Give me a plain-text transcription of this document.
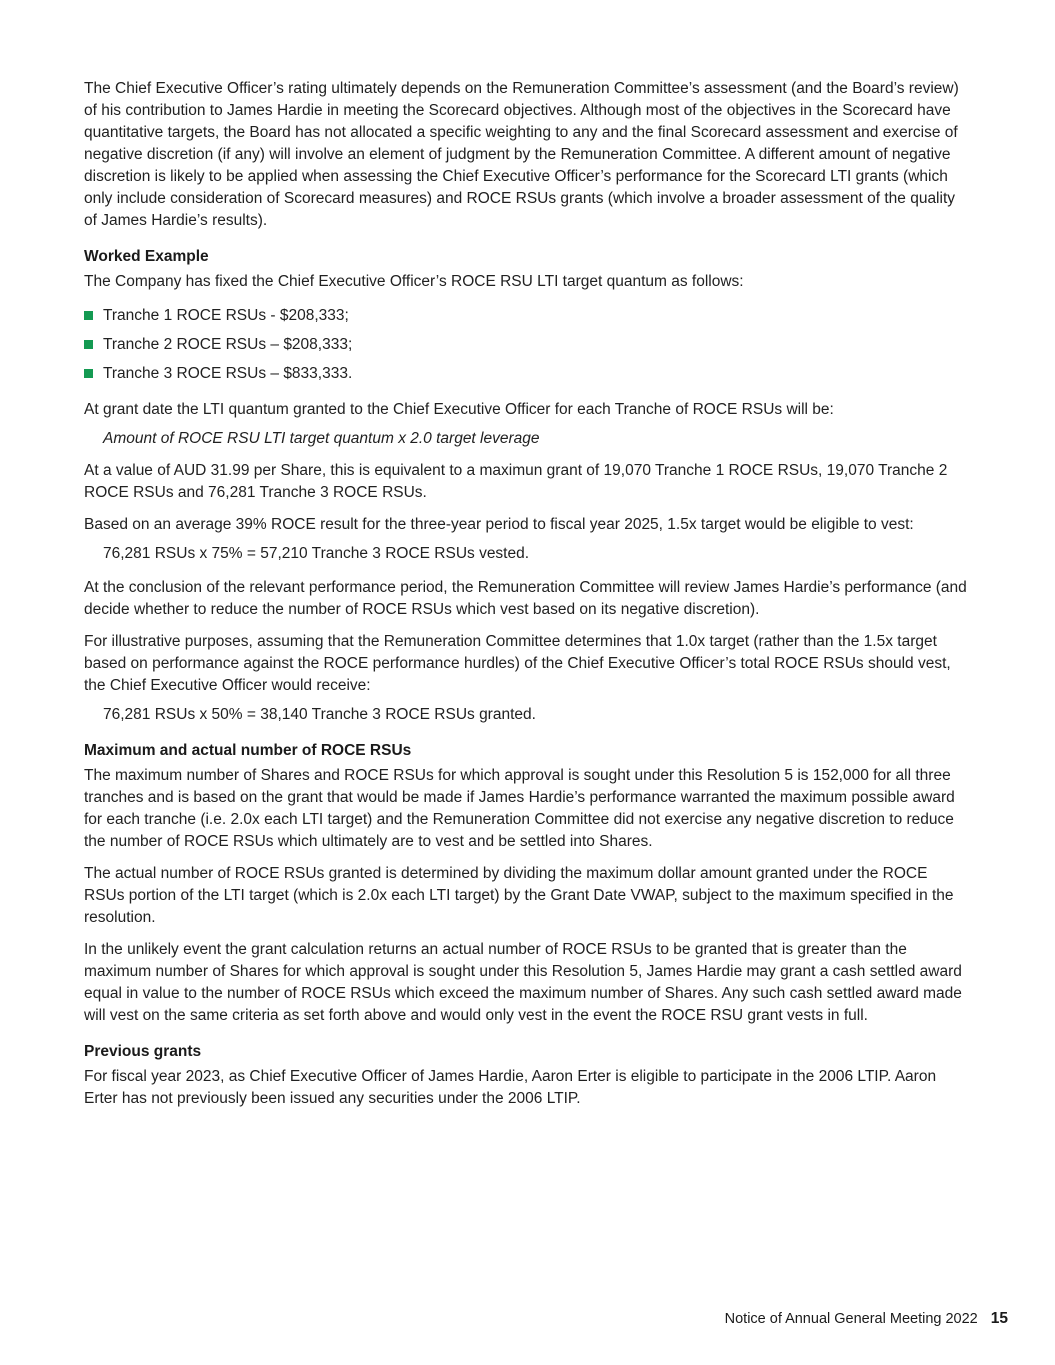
The Chief Executive Officer’s rating ultimately depends on the Remuneration Committee’s assessment (and the Board’s review) of his contribution to James Hardie in meeting the Scorecard objectives. Although most of the objectives in the Scorecard have quantitative targets, the Board has not allocated a specific weighting to any and the final Scorecard assessment and exercise of negative discretion (if any) will involve an element of judgment by the Remuneration Committee. A different amount of negative discretion is likely to be applied when assessing the Chief Executive Officer’s performance for the Scorecard LTI grants (which only include consideration of Scorecard measures) and ROCE RSUs grants (which involve a broader assessment of the quality of James Hardie’s results).

Worked Example

The Company has fixed the Chief Executive Officer’s ROCE RSU LTI target quantum as follows:

Tranche 1 ROCE RSUs - $208,333;
Tranche 2 ROCE RSUs – $208,333;
Tranche 3 ROCE RSUs – $833,333.

At grant date the LTI quantum granted to the Chief Executive Officer for each Tranche of ROCE RSUs will be:

Amount of ROCE RSU LTI target quantum x 2.0 target leverage

At a value of AUD 31.99 per Share, this is equivalent to a maximun grant of 19,070 Tranche 1 ROCE RSUs, 19,070 Tranche 2 ROCE RSUs and 76,281 Tranche 3 ROCE RSUs.

Based on an average 39% ROCE result for the three-year period to fiscal year 2025, 1.5x target would be eligible to vest:

76,281 RSUs x 75% = 57,210 Tranche 3 ROCE RSUs vested.

At the conclusion of the relevant performance period, the Remuneration Committee will review James Hardie’s performance (and decide whether to reduce the number of ROCE RSUs which vest based on its negative discretion).

For illustrative purposes, assuming that the Remuneration Committee determines that 1.0x target (rather than the 1.5x target based on performance against the ROCE performance hurdles) of the Chief Executive Officer’s total ROCE RSUs should vest, the Chief Executive Officer would receive:

76,281 RSUs x 50% = 38,140 Tranche 3 ROCE RSUs granted.

Maximum and actual number of ROCE RSUs

The maximum number of Shares and ROCE RSUs for which approval is sought under this Resolution 5 is 152,000 for all three tranches and is based on the grant that would be made if James Hardie’s performance warranted the maximum possible award for each tranche (i.e. 2.0x each LTI target) and the Remuneration Committee did not exercise any negative discretion to reduce the number of ROCE RSUs which ultimately are to vest and be settled into Shares.

The actual number of ROCE RSUs granted is determined by dividing the maximum dollar amount granted under the ROCE RSUs portion of the LTI target (which is 2.0x each LTI target) by the Grant Date VWAP, subject to the maximum specified in the resolution.

In the unlikely event the grant calculation returns an actual number of ROCE RSUs to be granted that is greater than the maximum number of Shares for which approval is sought under this Resolution 5, James Hardie may grant a cash settled award equal in value to the number of ROCE RSUs which exceed the maximum number of Shares. Any such cash settled award made will vest on the same criteria as set forth above and would only vest in the event the ROCE RSU grant vests in full.

Previous grants

For fiscal year 2023, as Chief Executive Officer of James Hardie, Aaron Erter is eligible to participate in the 2006 LTIP. Aaron Erter has not previously been issued any securities under the 2006 LTIP.

Notice of Annual General Meeting 2022 15
